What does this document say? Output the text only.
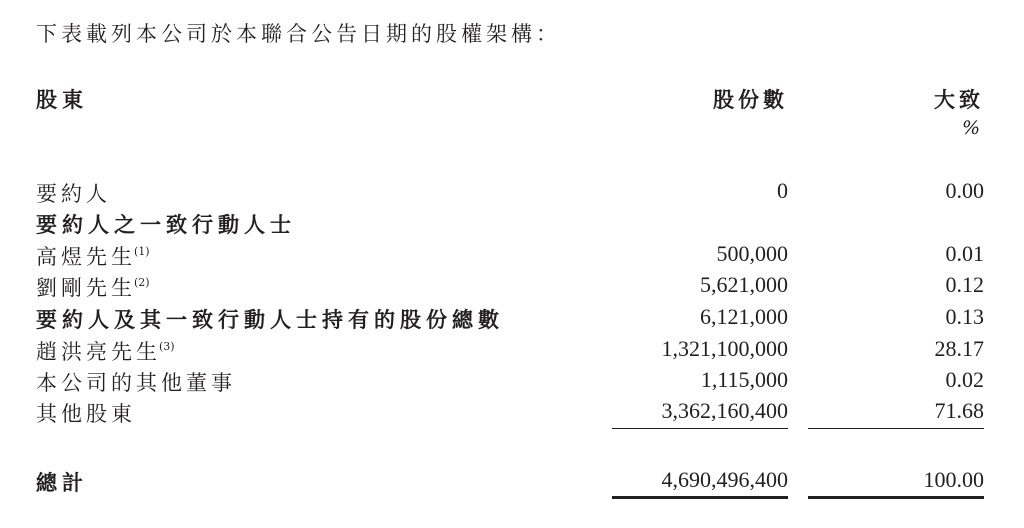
下表載列本公司於本聯合公告日期的股權架構：
股東	股份數	大致
%
要約人	0	0.00
要約人之一致行動人士
高煜先生$^{(1)}$	500,000	0.01
劉剛先生$^{(2)}$	5,621,000	0.12
要約人及其一致行動人士持有的股份總數	6,121,000	0.13
趙洪亮先生$^{(3)}$	1,321,100,000	28.17
本公司的其他董事	1,115,000	0.02
其他股東	3,362,160,400	71.68
總計	4,690,496,400	100.00
